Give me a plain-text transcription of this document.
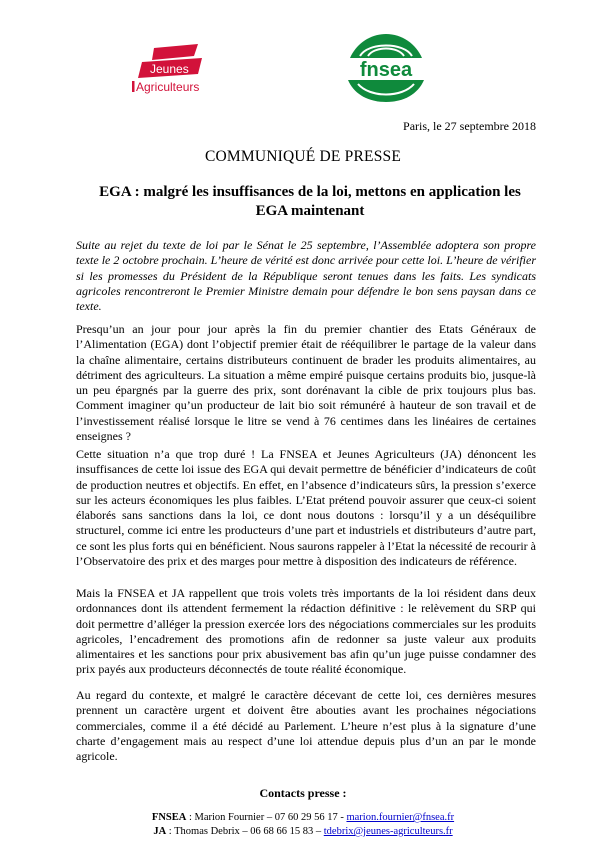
Jeunes
Agriculteurs
fnsea
Paris, le 27 septembre 2018
COMMUNIQUÉ DE PRESSE
EGA : malgré les insuffisances de la loi, mettons en application les EGA maintenant
Suite au rejet du texte de loi par le Sénat le 25 septembre, l’Assemblée adoptera son propre texte le 2 octobre prochain. L’heure de vérité est donc arrivée pour cette loi. L’heure de vérifier si les promesses du Président de la République seront tenues dans les faits. Les syndicats agricoles rencontreront le Premier Ministre demain pour défendre le bon sens paysan dans ce texte.
Presqu’un an jour pour jour après la fin du premier chantier des Etats Généraux de l’Alimentation (EGA) dont l’objectif premier était de rééquilibrer le partage de la valeur dans la chaîne alimentaire, certains distributeurs continuent de brader les produits alimentaires, au détriment des agriculteurs. La situation a même empiré puisque certains produits bio, jusque-là un peu épargnés par la guerre des prix, sont dorénavant la cible de prix toujours plus bas. Comment imaginer qu’un producteur de lait bio soit rémunéré à hauteur de son travail et de l’investissement réalisé lorsque le litre se vend à 76 centimes dans les linéaires de certaines enseignes ?
Cette situation n’a que trop duré ! La FNSEA et Jeunes Agriculteurs (JA) dénoncent les insuffisances de cette loi issue des EGA qui devait permettre de bénéficier d’indicateurs de coût de production neutres et objectifs. En effet, en l’absence d’indicateurs sûrs, la pression s’exerce sur les acteurs économiques les plus faibles. L’Etat prétend pouvoir assurer que ceux-ci soient élaborés sans sanctions dans la loi, ce dont nous doutons : lorsqu’il y a un déséquilibre structurel, comme ici entre les producteurs d’une part et industriels et distributeurs d’autre part, ce sont les plus forts qui en bénéficient. Nous saurons rappeler à l’Etat la nécessité de recourir à l’Observatoire des prix et des marges pour mettre à disposition des indicateurs de référence.
Mais la FNSEA et JA rappellent que trois volets très importants de la loi résident dans deux ordonnances dont ils attendent fermement la rédaction définitive : le relèvement du SRP qui doit permettre d’alléger la pression exercée lors des négociations commerciales sur les produits agricoles, l’encadrement des promotions afin de redonner sa juste valeur aux produits alimentaires et les sanctions pour prix abusivement bas afin qu’un juge puisse condamner des prix payés aux producteurs déconnectés de toute réalité économique.
Au regard du contexte, et malgré le caractère décevant de cette loi, ces dernières mesures prennent un caractère urgent et doivent être abouties avant les prochaines négociations commerciales, comme il a été décidé au Parlement. L’heure n’est plus à la signature d’une charte d’engagement mais au respect d’une loi attendue depuis plus d’un an par le monde agricole.
Contacts presse :
FNSEA : Marion Fournier – 07 60 29 56 17 - marion.fournier@fnsea.fr
JA : Thomas Debrix – 06 68 66 15 83 – tdebrix@jeunes-agriculteurs.fr
